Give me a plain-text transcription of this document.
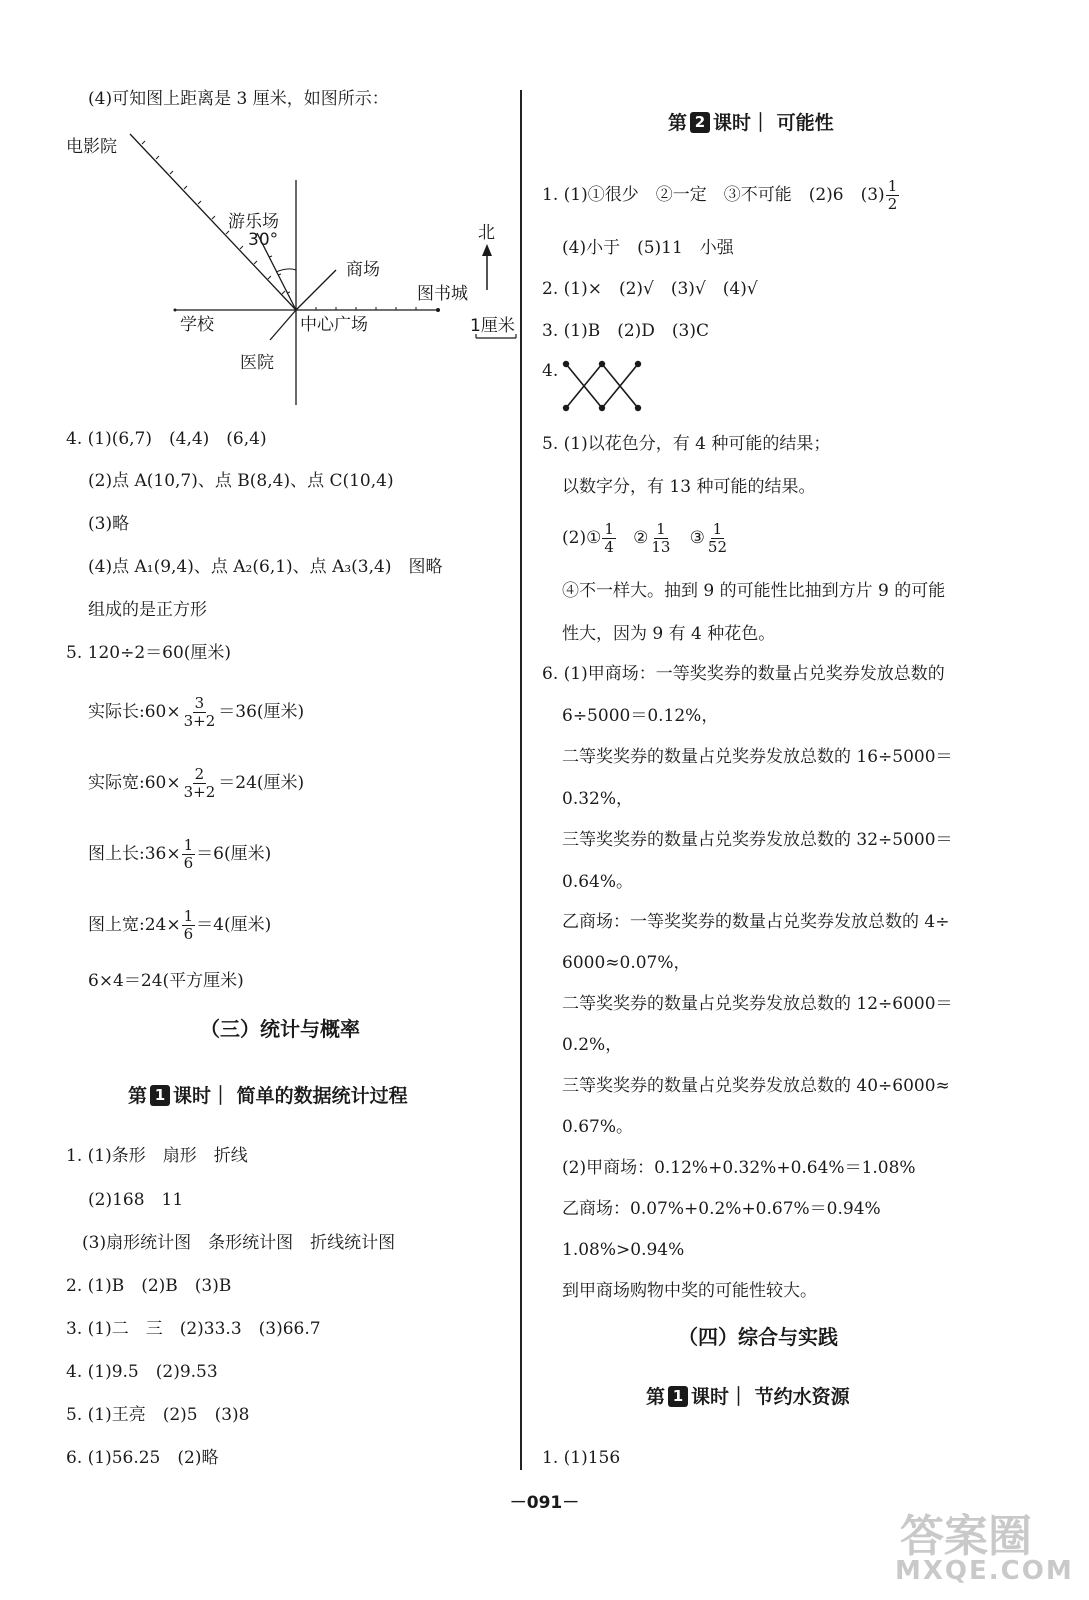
(4)可知图上距离是 3 厘米，如图所示：
电影院
游乐场
30°
商场
图书城
学校	中心广场
医院
北
1厘米
4. (1)(6,7)　(4,4)　(6,4)
(2)点 A(10,7)、点 B(8,4)、点 C(10,4)
(3)略
(4)点 A₁(9,4)、点 A₂(6,1)、点 A₃(3,4)　图略
组成的是正方形
5. 120÷2＝60(厘米)
实际长:60× $\frac{3}{3+2} =36$(厘米)
实际宽:60× $\frac{2}{3+2} =24$(厘米)
图上长:36× $\frac{1}{6} =6$(厘米)
图上宽:24× $\frac{1}{6} =4$(厘米)
6×4＝24(平方厘米)
（三）统计与概率
第 1 课时｜ 简单的数据统计过程
1. (1)条形　扇形　折线
(2)168　11
(3)扇形统计图　条形统计图　折线统计图
2. (1)B　(2)B　(3)B
3. (1)二　三　(2)33.3　(3)66.7
4. (1)9.5　(2)9.53
5. (1)王亮　(2)5　(3)8
6. (1)56.25　(2)略
第 2 课时｜ 可能性
1. (1)①很少　②一定　③不可能　(2)6　$(3) \frac{1}{2}$
(4)小于　(5)11　小强
2. (1)×　(2)√　(3)√　(4)√
3. (1)B　(2)D　(3)C
4.
5. (1)以花色分，有 4 种可能的结果；
以数字分，有 13 种可能的结果。
(2)① $\frac{1}{4}$ ② $\frac{1}{13}$ ③ $\frac{1}{52}$
④不一样大。抽到 9 的可能性比抽到方片 9 的可能
性大，因为 9 有 4 种花色。
6. (1)甲商场：一等奖奖券的数量占兑奖券发放总数的
6÷5000＝0.12%，
二等奖奖券的数量占兑奖券发放总数的 16÷5000＝
0.32%，
三等奖奖券的数量占兑奖券发放总数的 32÷5000＝
0.64%。
乙商场：一等奖奖券的数量占兑奖券发放总数的 4÷
6000≈0.07%，
二等奖奖券的数量占兑奖券发放总数的 12÷6000＝
0.2%，
三等奖奖券的数量占兑奖券发放总数的 40÷6000≈
0.67%。
(2)甲商场：0.12%+0.32%+0.64%＝1.08%
乙商场：0.07%+0.2%+0.67%＝0.94%
1.08%>0.94%
到甲商场购物中奖的可能性较大。
（四）综合与实践
第 1 课时｜ 节约水资源
1. (1)156
－091－
答案圈
MXQE.COM
